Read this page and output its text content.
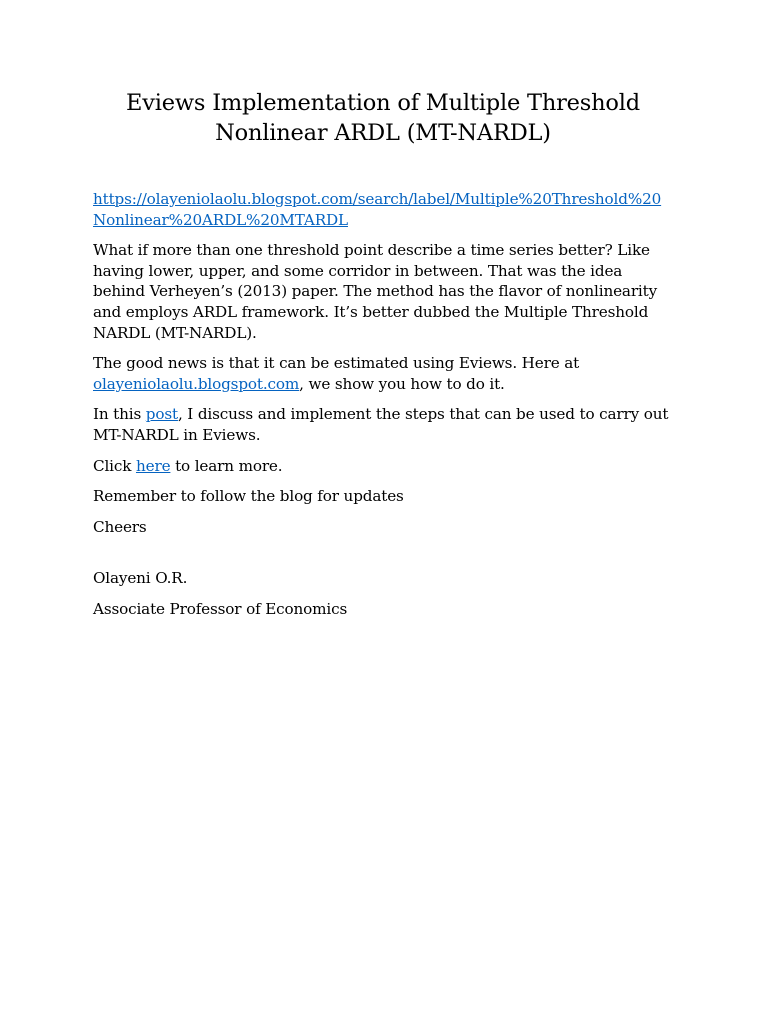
Eviews Implementation of Multiple Threshold Nonlinear ARDL (MT-NARDL)

https://olayeniolaolu.blogspot.com/search/label/Multiple%20Threshold%20Nonlinear%20ARDL%20MTARDL

What if more than one threshold point describe a time series better? Like having lower, upper, and some corridor in between. That was the idea behind Verheyen’s (2013) paper. The method has the flavor of nonlinearity and employs ARDL framework. It’s better dubbed the Multiple Threshold NARDL (MT-NARDL).

The good news is that it can be estimated using Eviews. Here at olayeniolaolu.blogspot.com, we show you how to do it.

In this post, I discuss and implement the steps that can be used to carry out MT-NARDL in Eviews.

Click here to learn more.

Remember to follow the blog for updates

Cheers

Olayeni O.R.

Associate Professor of Economics
